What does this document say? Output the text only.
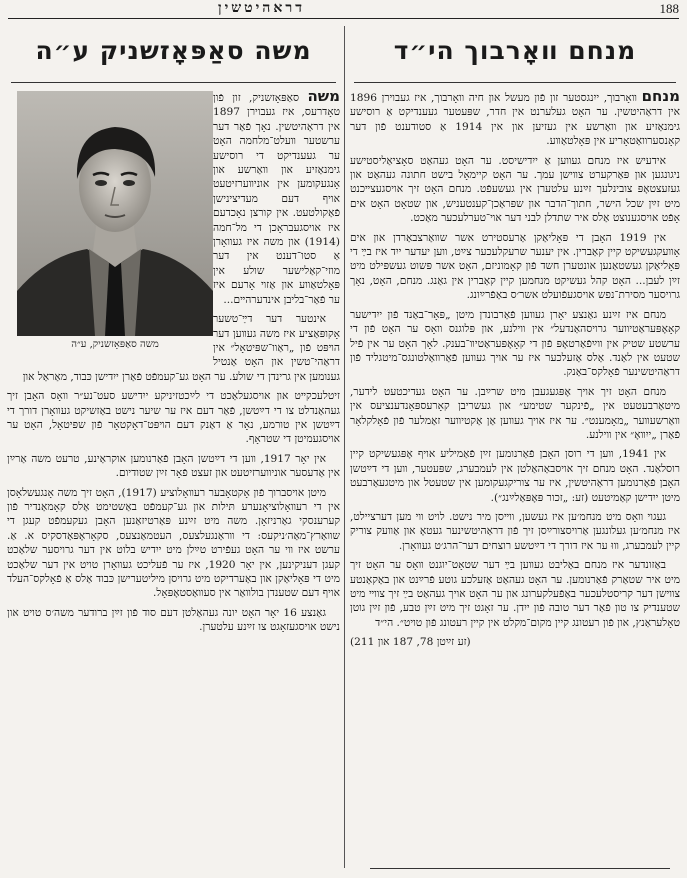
188
דראהיטשין
מנחם װאָרבוך הי״ד

מנחם װאָרבוך, ייִנגסטער זון פֿון מעשל און חיה װאָרבוך, איז געבוירן 1896 אין דראַהיטשין. ער האָט געלערנט אין חדר, שפּעטער געענדיקט אַ רוסישע גימנאַזיע און װאַרשע אין געזיען און אין 1914 אַ סטודענט פֿון דער קאָנסערװאַטאָריע אין פּאָלטאַװע.

אידעיש איז מנחם געװען אַ ייִדישיסט. ער האָט געהאַט סאָציאַליסטישע ניגונגען און פּאַרקערט צװישן עמך. ער האָט קיימאָל בישט חתונה געהאַט און געזעצטאָפּ צובינלעך זײַנע עלטערן אין געשעפֿט. מנחם האָט זיך אויסגעצײכנט מיט זײַן שכל הישר, חתוך־הדבר און שפּראַכן־קענטעניש, און שטאָט האָט אים אָפֿט אויסגענוצט אַלס איר שתדלן לבני דער אױ־טערלעכער מאַכט.

אין 1919 האָבן די פּאָליאַקן אַרעסטירט אשר שװאַרצבאַרדן און אים אָװעקגעשיקט קיין קאַברין. אין יענער שרעקלעכער צײַט, װען יעדער ייִד איז בײַ די פּאָליאַקן געשטאַנען אונטערן חשד פֿון קאָמוניזם, האָט אשר פּשוט געשפּילט מיט זײַן לעבן... האָט קהל געשיקט מנחמען קיין קאַברין אין גאַנג. מנחם, האָט, נאָך גרויסער מסירת־נפש אויסגעפֿועלט אשר׳ס באַפֿרײַונג.

מנחם איז זײַנע גאַנצע יאָרן געװען פֿאַרבונדן מיטן „פּאָר־באַנד פֿון ייִדישער קאָאָפּעראַטיװער גרויסהאַנדעל״ אין װילנע, און פּלוגנס װאָס ער האָט פֿון די ערשטע שטיק אין װײַפֿאַרטאָפּ פֿון די קאָאָפּעראַטיװ־בענק. לאָך האָט ער אין פֿיל שטעט אין לאַנד. אַלס אַזעלכער איז ער אויך געװען פֿאַרװאַלטונגס־מיטגליד פֿון דראַהיטשינער פֿאָלקס־באַנק.

מנחם האָט זיך אויך אָפּגעגעבן מיט שרײַבן. ער האָט געדיכטעט לידער, מיטאַרבעטעט אין „פֿינקער שטימע״ און געשריבן קאָרעספּאָנדענציעס אין װאַרשעװער „מאָמענט״. ער איז אויך געװען אַן אַקטיװער זאַמלער פֿון פֿאָלקלאָר פֿאַרן „ייִװאָ״ אין װילנע.

אין 1941, װען די רוסן האָבן פֿאַרנומען זײַן פֿאַמיליע אויף אָפּגעשיקט קיין רוסלאַנד. האָט מנחם זיך אויסבאַהאַלטן אין לעמבערג, שפּעטער, װען די דײַטשן האָבן פֿאַרנומען דראַהיטשין, איז ער צוריקגעקומען אין שטעטל און מיטגעאַרבעט מיטן ייִדישן קאַמיטעט (זע: „זכור פּאָפּאַלײַנג״).

געגוי װאָס מיט מנחמ׳ען איז געשען, װײסן מיר נישט. לויט װי מען דערציילט, איז מנחמ׳ען געלונגען אַרויסצורײַסן זיך פֿון דראַהיטשינער געטאָ און אַװעק צוריק קיין לעמבערג, װוּ ער איז דורך די דײַטשע רוצחים דער־הרג׳ט געװאָרן.

באַזונדער איז מנחם באַליבט געװען בײַ דער שטאָט־יוגנט װאָס ער האָט זיך מיט איר שטאַרק פֿאַרנומען. ער האָט געהאַט אַזעלכע גוטע פֿרײַנט און באַקאַנטע צװישן דער קריסטלעכער באַפֿעלקערונג און ער האָט אויך געהאַט בײַ זיך צװײ מיט שטענדיק צו טון פֿאַר דער טובה פֿון ייִדן. ער זאָגט זיך מיט זײַן טבע, פֿון זײַן גוטן טאָלעראַנץ, און פֿון רעטונג קיין מקום־מקלט אין קיין רעטונג פֿון טויט״. הי״ד

(זע זײַטן 78, 187 און 211)
משה סאַפּאָזשניק ע״ה
משה סאַפּאָזשניק, ע״ה

משה סאַפּאָזשניק, זון פֿון טאָדרעס, איז געבוירן 1897 אין דראַהיטשין. נאָך פֿאַר דער ערשטער װעלט־מלחמה האָט ער געענדיקט די רוסישע גימנאַזיע און װאַרשע און אָנגעקומען אין אוניװערזיטעט אויף דעם מעדיצינישן פֿאַקולטעט. אין קורצן נאָכדעם איז אויסגעבראָכן די מל־חמה (1914) און משה איז געװאָרן אַ סטו־דענט אין דער מוזי־קאַלישער שולע אין פּאָלטאַװע און אַזױ אָרעם איז ער פֿאַר־בליבן אינדערהײם...

אינטער דער דײַ־טשער אָקופּאַציע איז משה געװען דער הױפּט פֿון „ראַװ־שפּיטאָל״ אין דראַהי־טשין און האָט אַנטיל גענומען אין גרינדן די שולע. ער האָט גע־קעמפֿט פֿאַרן ייִדישן כּבוד, מאַראַל און

זיטלעכקײט און אויסגעלאַכט די לײַכטזיניקע ייִדישע סעט־נע״ר װאָס האָבן זיך געהאַנדלט צו די דײַטשן, פֿאַר דעם איז ער שיער נישט באַזשיקט געװאָרן דורך די דײַטשן אין טורמע, נאָר אַ דאַנק דעם הױפּט־דאָקטאָר פֿון שפּיטאָל, האָט ער אויסגעמיטן די שטראָף.

אין יאָר 1917, װען די דײַטשן האָבן פֿאַרנומען אוקראַינע, טרעט משה אַרײַן אין אַדעסער אוניװערזיטעט און זעצט פֿאָר זײַן שטודיום.

מיטן אויסברוך פֿון אָקטאָבער רעװאָלוציע (1917), האָט זיך משה אָנגעשלאָסן אין די רעװאָלוציאָנערע תּילות און גע־קעמפֿט באַשטימט אַלס קאָמאַנדיר פֿון קערענסקי גאַרניזאָן. משה מיט זײַנע פּאַרטיזאַנען האָבן געקעמפֿט קעגן די שװאַרץ־מאַה׳ניקעס: די װראַנגעלצעס, העטמאַנצעס, סקאָראָפּאַדסקיס א. אַ. ערשט איז װי ער האָט געפֿירט טײַלן מיט ייִדיש בלוט אין דער גרויסער שלאַכט קעגן דעניקינען, אין יאָר 1920, איז ער פֿעליכט געװאָרן טויט אין דער שלאַכט מיט די פּאָליאַקן און באַערדיקט מיט גרויסן מיליטערישן כּבוד אַלס אַ פֿאָלקס־העלד אויף דעם שטענדן בולװאַר אין סעװאַסטאָפּאָל.

גאַנצע 16 יאָר האָט יונה געהאַלטן דעם סוד פֿון זײַן ברודער משה׳ס טויט און נישט אויסגעזאָגט צו זײַנע עלטערן.
